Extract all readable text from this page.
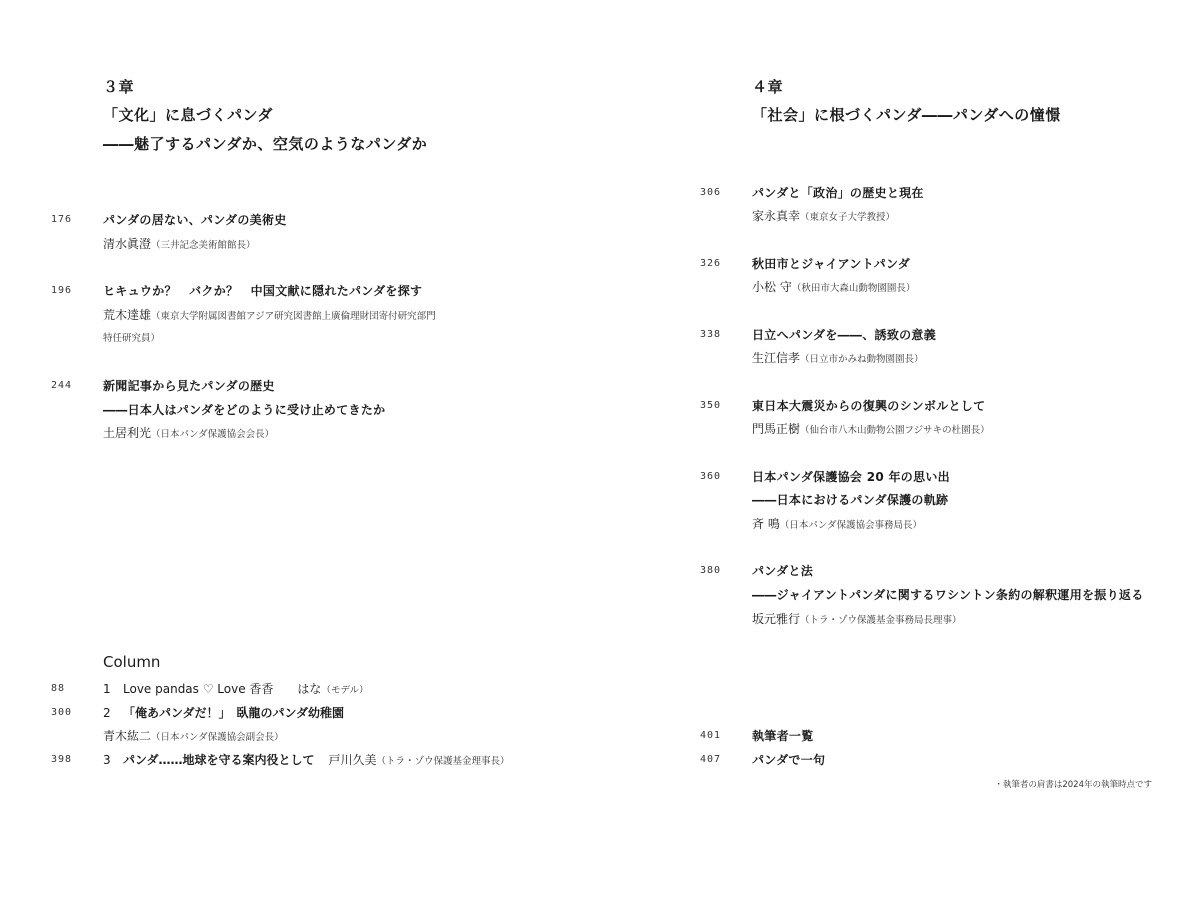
３章
「文化」に息づくパンダ
――魅了するパンダか、空気のようなパンダか
176	パンダの居ない、パンダの美術史
清水眞澄（三井記念美術館館長）
196	ヒキュウか？　バクか？　中国文献に隠れたパンダを探す
荒木達雄（東京大学附属図書館アジア研究図書館上廣倫理財団寄付研究部門
特任研究員）
244	新聞記事から見たパンダの歴史
――日本人はパンダをどのように受け止めてきたか
土居利光（日本パンダ保護協会会長）
Column
88	1 Love pandas ♡ Love 香香 はな（モデル）
300	2 「俺あパンダだ！」　臥龍のパンダ幼稚園
青木紘二（日本パンダ保護協会副会長）
398	3 パンダ……地球を守る案内役として 戸川久美（トラ・ゾウ保護基金理事長）
４章
「社会」に根づくパンダ――パンダへの憧憬
306	パンダと「政治」の歴史と現在
家永真幸（東京女子大学教授）
326	秋田市とジャイアントパンダ
小松 守（秋田市大森山動物園園長）
338	日立へパンダを――、誘致の意義
生江信孝（日立市かみね動物園園長）
350	東日本大震災からの復興のシンボルとして
門馬正樹（仙台市八木山動物公園フジサキの杜園長）
360	日本パンダ保護協会 20 年の思い出
――日本におけるパンダ保護の軌跡
斉 鳴（日本パンダ保護協会事務局長）
380	パンダと法
――ジャイアントパンダに関するワシントン条約の解釈運用を振り返る
坂元雅行（トラ・ゾウ保護基金事務局長理事）
401	執筆者一覧
407	パンダで一句
・執筆者の肩書は2024年の執筆時点です
